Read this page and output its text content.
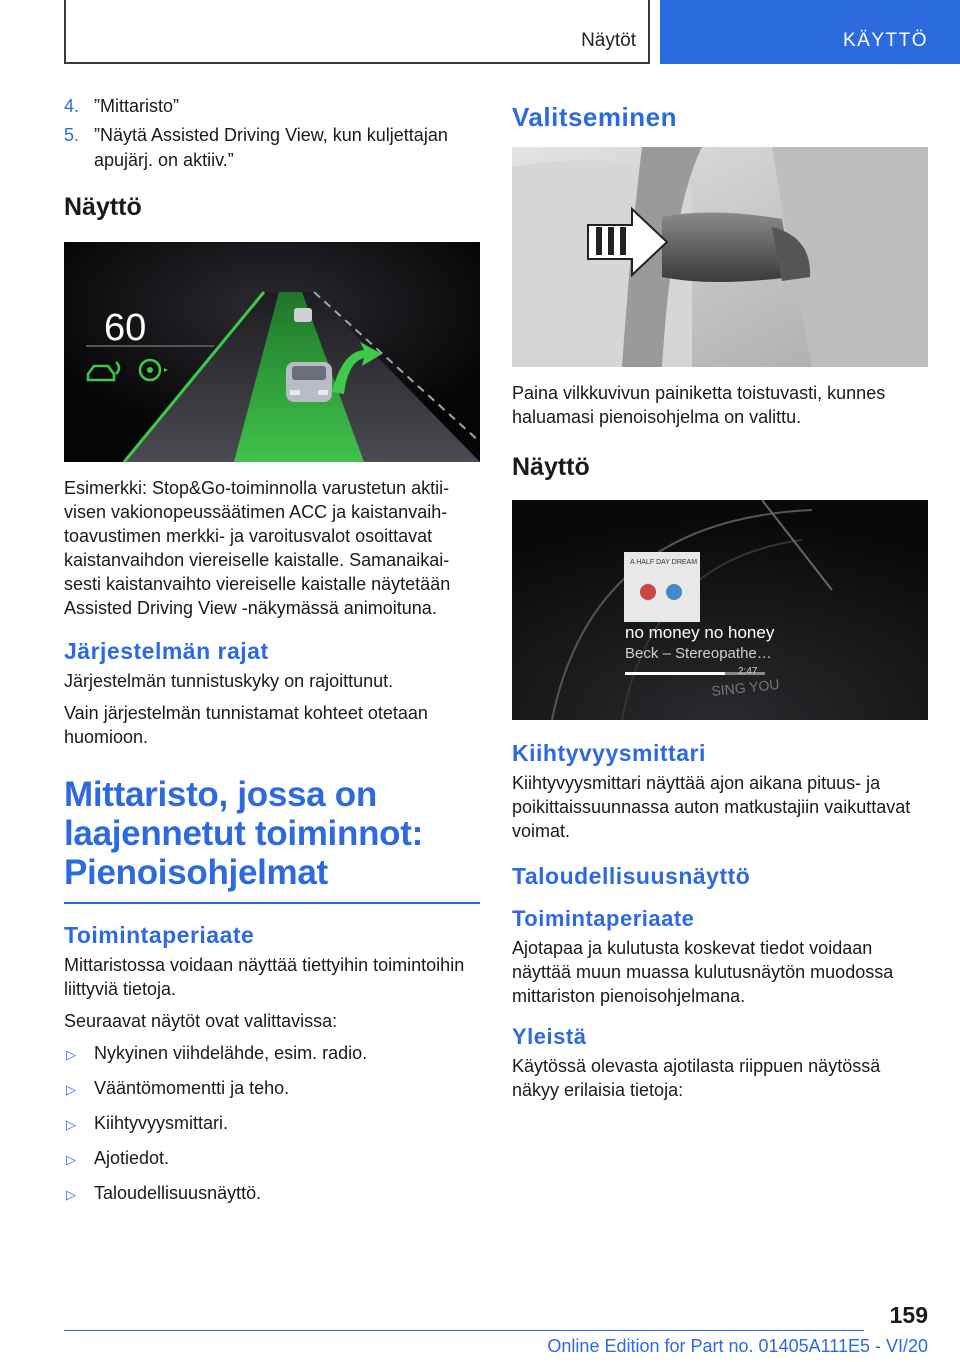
Näytöt	KÄYTTÖ
4. ”Mittaristo”
5. ”Näytä Assisted Driving View, kun kuljettajan apujärj. on aktiiv.”
Näyttö
60

Esimerkki: Stop&Go-toiminnolla varustetun aktiivisen vakionopeussäätimen ACC ja kaistanvaihtoavustimen merkki- ja varoitusvalot osoittavat kaistanvaihdon viereiselle kaistalle. Samanaikaisesti kaistanvaihto viereiselle kaistalle näytetään Assisted Driving View -näkymässä animoituna.

Järjestelmän rajat

Järjestelmän tunnistuskyky on rajoittunut.

Vain järjestelmän tunnistamat kohteet otetaan huomioon.

Mittaristo, jossa on laajennetut toiminnot: Pienoisohjelmat
Toimintaperiaate

Mittaristossa voidaan näyttää tiettyihin toimintoihin liittyviä tietoja.

Seuraavat näytöt ovat valittavissa:

▷	Nykyinen viihdelähde, esim. radio.
▷	Vääntömomentti ja teho.
▷	Kiihtyvyysmittari.
▷	Ajotiedot.
▷	Taloudellisuusnäyttö.
Valitseminen

Paina vilkkuvivun painiketta toistuvasti, kunnes haluamasi pienoisohjelma on valittu.

Näyttö
A HALF DAY DREAM
no money no honey
Beck – Stereopathe…
2:47
SING YOU
Kiihtyvyysmittari

Kiihtyvyysmittari näyttää ajon aikana pituus- ja poikittaissuunnassa auton matkustajiin vaikuttavat voimat.

Taloudellisuusnäyttö
Toimintaperiaate

Ajotapaa ja kulutusta koskevat tiedot voidaan näyttää muun muassa kulutusnäytön muodossa mittariston pienoisohjelmana.

Yleistä

Käytössä olevasta ajotilasta riippuen näytössä näkyy erilaisia tietoja:

159
Online Edition for Part no. 01405A111E5 - VI/20
